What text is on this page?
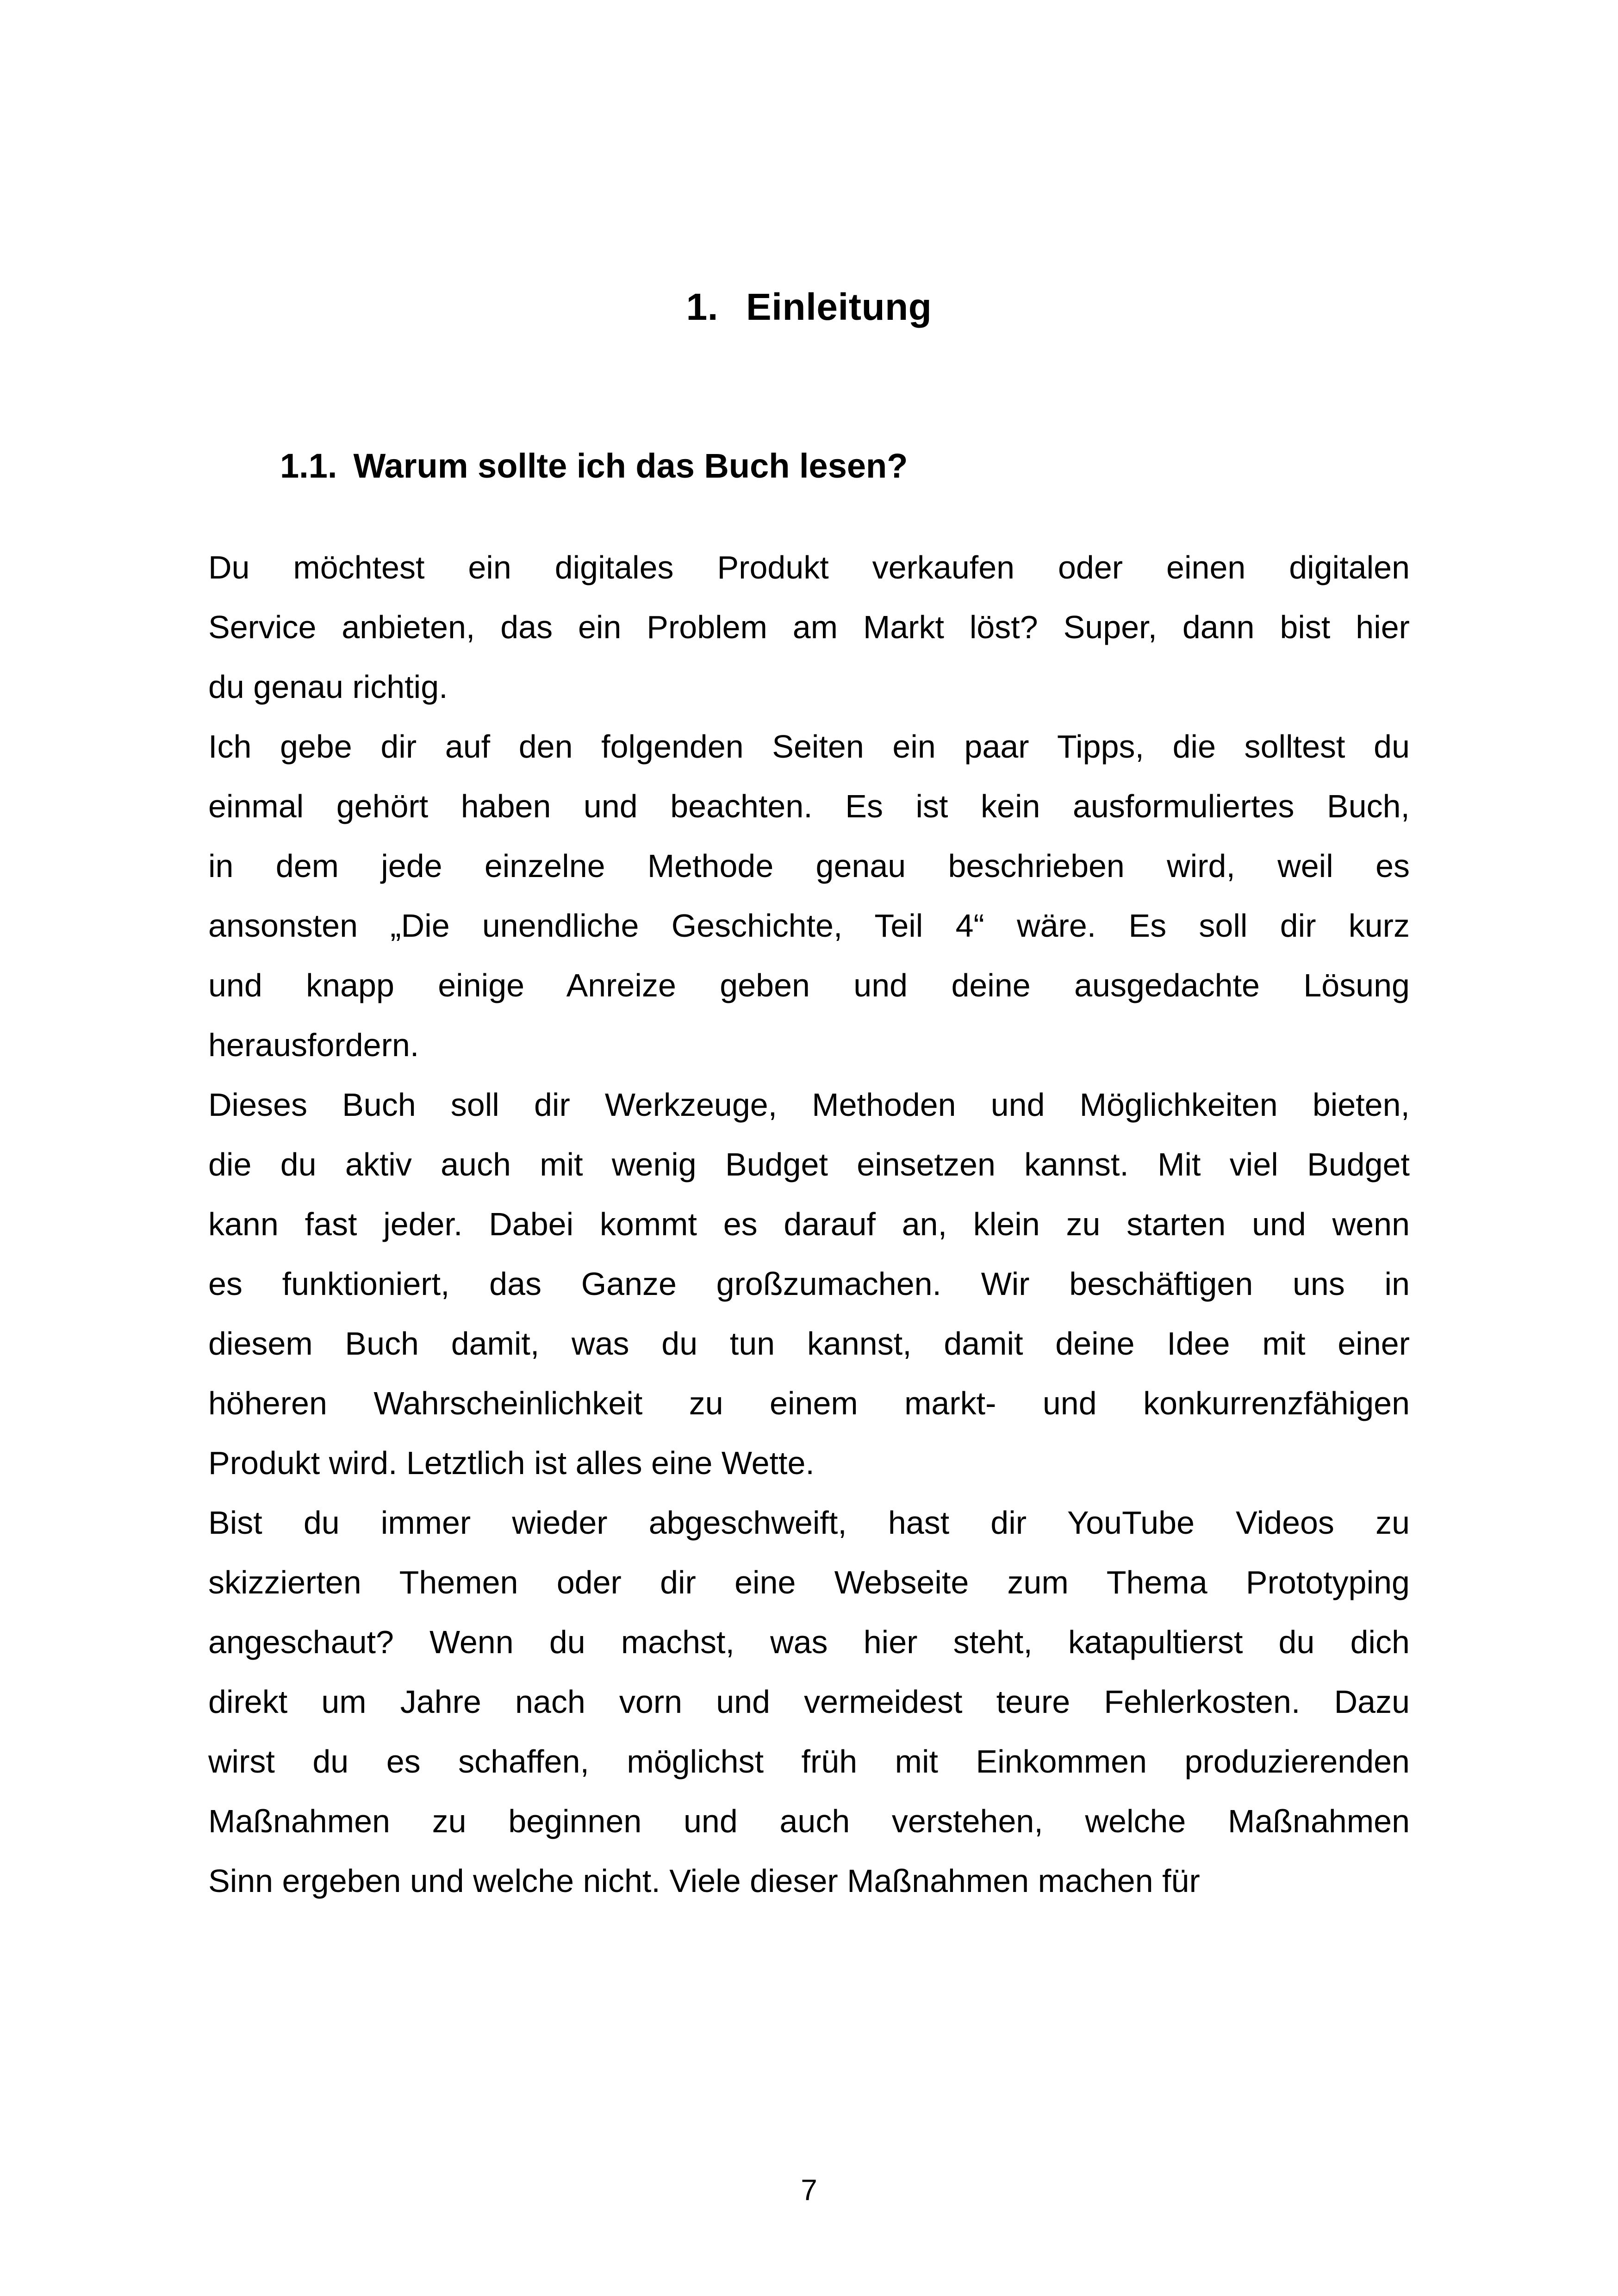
1. Einleitung
1.1. Warum sollte ich das Buch lesen?
Du möchtest ein digitales Produkt verkaufen oder einen digitalen
Service anbieten, das ein Problem am Markt löst? Super, dann bist hier
du genau richtig.
Ich gebe dir auf den folgenden Seiten ein paar Tipps, die solltest du
einmal gehört haben und beachten. Es ist kein ausformuliertes Buch,
in dem jede einzelne Methode genau beschrieben wird, weil es
ansonsten „Die unendliche Geschichte, Teil 4“ wäre. Es soll dir kurz
und knapp einige Anreize geben und deine ausgedachte Lösung
herausfordern.
Dieses Buch soll dir Werkzeuge, Methoden und Möglichkeiten bieten,
die du aktiv auch mit wenig Budget einsetzen kannst. Mit viel Budget
kann fast jeder. Dabei kommt es darauf an, klein zu starten und wenn
es funktioniert, das Ganze großzumachen. Wir beschäftigen uns in
diesem Buch damit, was du tun kannst, damit deine Idee mit einer
höheren Wahrscheinlichkeit zu einem markt- und konkurrenzfähigen
Produkt wird. Letztlich ist alles eine Wette.
Bist du immer wieder abgeschweift, hast dir YouTube Videos zu
skizzierten Themen oder dir eine Webseite zum Thema Prototyping
angeschaut? Wenn du machst, was hier steht, katapultierst du dich
direkt um Jahre nach vorn und vermeidest teure Fehlerkosten. Dazu
wirst du es schaffen, möglichst früh mit Einkommen produzierenden
Maßnahmen zu beginnen und auch verstehen, welche Maßnahmen
Sinn ergeben und welche nicht. Viele dieser Maßnahmen machen für
7
